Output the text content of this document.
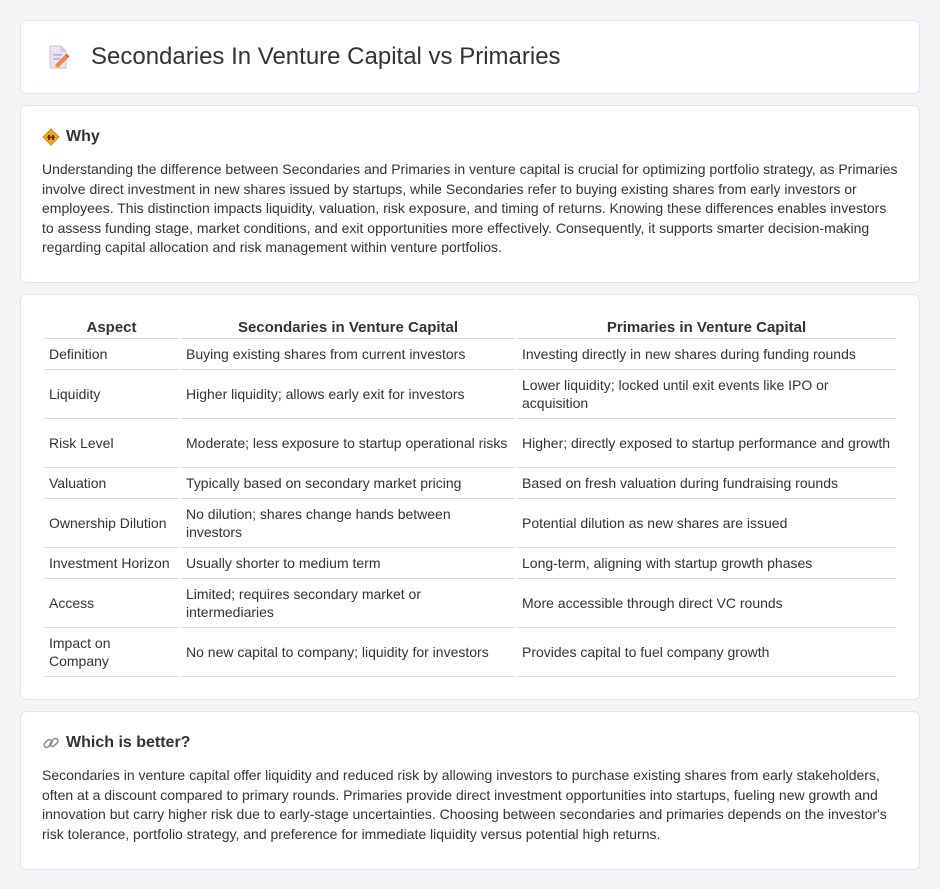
Secondaries In Venture Capital vs Primaries
Why

Understanding the difference between Secondaries and Primaries in venture capital is crucial for optimizing portfolio strategy, as Primaries involve direct investment in new shares issued by startups, while Secondaries refer to buying existing shares from early investors or employees. This distinction impacts liquidity, valuation, risk exposure, and timing of returns. Knowing these differences enables investors to assess funding stage, market conditions, and exit opportunities more effectively. Consequently, it supports smarter decision-making regarding capital allocation and risk management within venture portfolios.

Aspect	Secondaries in Venture Capital	Primaries in Venture Capital
Definition	Buying existing shares from current investors	Investing directly in new shares during funding rounds
Liquidity	Higher liquidity; allows early exit for investors	Lower liquidity; locked until exit events like IPO or acquisition
Risk Level	Moderate; less exposure to startup operational risks	Higher; directly exposed to startup performance and growth
Valuation	Typically based on secondary market pricing	Based on fresh valuation during fundraising rounds
Ownership Dilution	No dilution; shares change hands between investors	Potential dilution as new shares are issued
Investment Horizon	Usually shorter to medium term	Long-term, aligning with startup growth phases
Access	Limited; requires secondary market or intermediaries	More accessible through direct VC rounds
Impact on Company	No new capital to company; liquidity for investors	Provides capital to fuel company growth
Which is better?

Secondaries in venture capital offer liquidity and reduced risk by allowing investors to purchase existing shares from early stakeholders, often at a discount compared to primary rounds. Primaries provide direct investment opportunities into startups, fueling new growth and innovation but carry higher risk due to early-stage uncertainties. Choosing between secondaries and primaries depends on the investor's risk tolerance, portfolio strategy, and preference for immediate liquidity versus potential high returns.
